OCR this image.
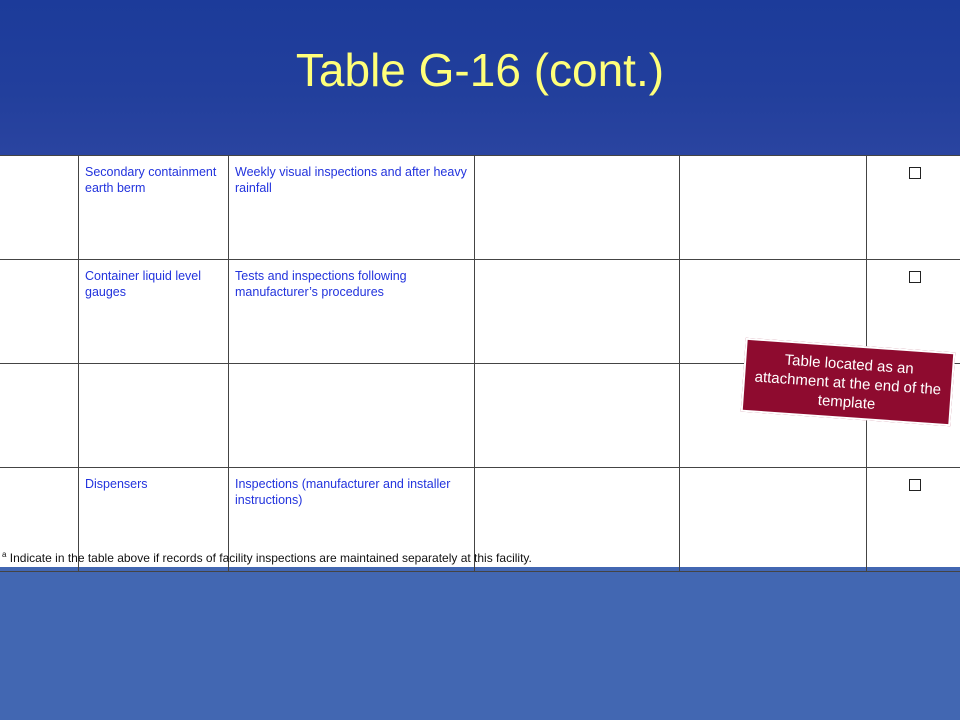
Table G-16 (cont.)
	Secondary containment earth berm	Weekly visual inspections and after heavy rainfall			
	Container liquid level gauges	Tests and inspections following manufacturer’s procedures			

	Dispensers	Inspections (manufacturer and installer instructions)			
$^a$ Indicate in the table above if records of facility inspections are maintained separately at this facility.
Table located as an attachment at the end of the template
